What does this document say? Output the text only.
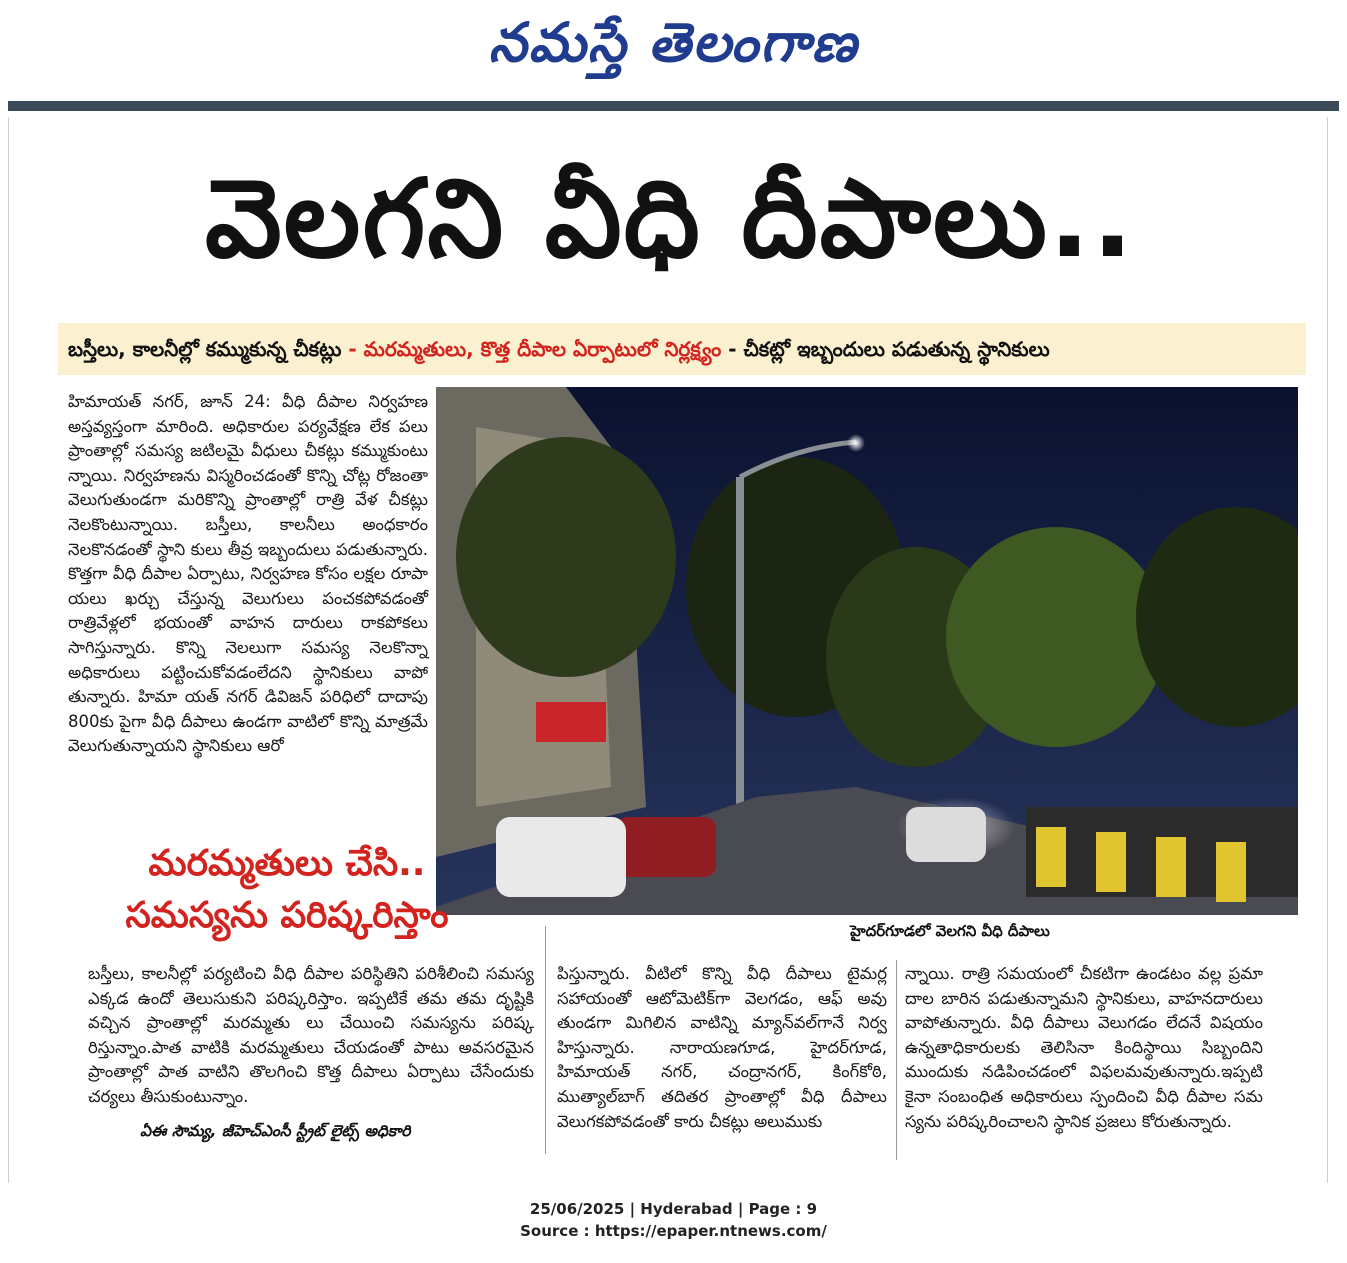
నమస్తే తెలంగాణ
వెలగని వీధి దీపాలు..
బస్తీలు, కాలనీల్లో కమ్ముకున్న చీకట్లు - మరమ్మతులు, కొత్త దీపాల ఏర్పాటులో నిర్లక్ష్యం - చీకట్లో ఇబ్బందులు పడుతున్న స్థానికులు
హిమాయత్ నగర్, జూన్ 24: వీధి దీపాల నిర్వహణ అస్తవ్యస్తంగా మారింది. అధికారుల పర్యవేక్షణ లేక పలు ప్రాంతాల్లో సమస్య జటిలమై వీధులు చీకట్లు కమ్ముకుంటు న్నాయి. నిర్వహణను విస్మరించడంతో కొన్ని చోట్ల రోజంతా వెలుగుతుండగా మరికొన్ని ప్రాంతాల్లో రాత్రి వేళ చీకట్లు నెలకొంటున్నాయి. బస్తీలు, కాలనీలు అంధకారం నెలకొనడంతో స్థాని కులు తీవ్ర ఇబ్బందులు పడుతున్నారు. కొత్తగా వీధి దీపాల ఏర్పాటు, నిర్వహణ కోసం లక్షల రూపా యలు ఖర్చు చేస్తున్న వెలుగులు పంచకపోవడంతో రాత్రివేళ్లలో భయంతో వాహన దారులు రాకపోకలు సాగిస్తున్నారు. కొన్ని నెలలుగా సమస్య నెలకొన్నా అధికారులు పట్టించుకోవడంలేదని స్థానికులు వాపో తున్నారు. హిమా యత్ నగర్ డివిజన్ పరిధిలో దాదాపు 800కు పైగా వీధి దీపాలు ఉండగా వాటిలో కొన్ని మాత్రమే వెలుగుతున్నాయని స్థానికులు ఆరో
హైదర్‌గూడలో వెలగని వీధి దీపాలు
మరమ్మతులు చేసి..
సమస్యను పరిష్కరిస్తాం
బస్తీలు, కాలనీల్లో పర్యటించి వీధి దీపాల పరిస్థితిని పరిశీలించి సమస్య ఎక్కడ ఉందో తెలుసుకుని పరిష్కరిస్తాం. ఇప్పటికే తమ తమ దృష్టికి వచ్చిన ప్రాంతాల్లో మరమ్మతు లు చేయించి సమస్యను పరిష్క రిస్తున్నాం.పాత వాటికి మరమ్మతులు చేయడంతో పాటు అవసరమైన ప్రాంతాల్లో పాత వాటిని తొలగించి కొత్త దీపాలు ఏర్పాటు చేసేందుకు చర్యలు తీసుకుంటున్నాం.
ఏఈ సౌమ్య, జీహెచ్ఎంసీ స్ట్రీట్ లైట్స్ అధికారి
పిస్తున్నారు. వీటిలో కొన్ని వీధి దీపాలు టైమర్ల సహాయంతో ఆటోమెటిక్‌గా వెలగడం, ఆఫ్ అవు తుండగా మిగిలిన వాటిన్ని మ్యాన్‌వల్‌గానే నిర్వ హిస్తున్నారు. నారాయణగూడ, హైదర్‌గూడ, హిమాయత్ నగర్, చంద్రానగర్, కింగ్‌కోఠి, ముత్యాల్‌బాగ్ తదితర ప్రాంతాల్లో వీధి దీపాలు వెలుగకపోవడంతో కారు చీకట్లు అలుముకు
న్నాయి. రాత్రి సమయంలో చీకటిగా ఉండటం వల్ల ప్రమా దాల బారిన పడుతున్నామని స్థానికులు, వాహనదారులు వాపోతున్నారు. వీధి దీపాలు వెలుగడం లేదనే విషయం ఉన్నతాధికారులకు తెలిసినా కిందిస్థాయి సిబ్బందిని ముందుకు నడిపించడంలో విఫలమవుతున్నారు.ఇప్పటి కైనా సంబంధిత అధికారులు స్పందించి వీధి దీపాల సమ స్యను పరిష్కరించాలని స్థానిక ప్రజలు కోరుతున్నారు.
25/06/2025 | Hyderabad | Page : 9
Source : https://epaper.ntnews.com/
